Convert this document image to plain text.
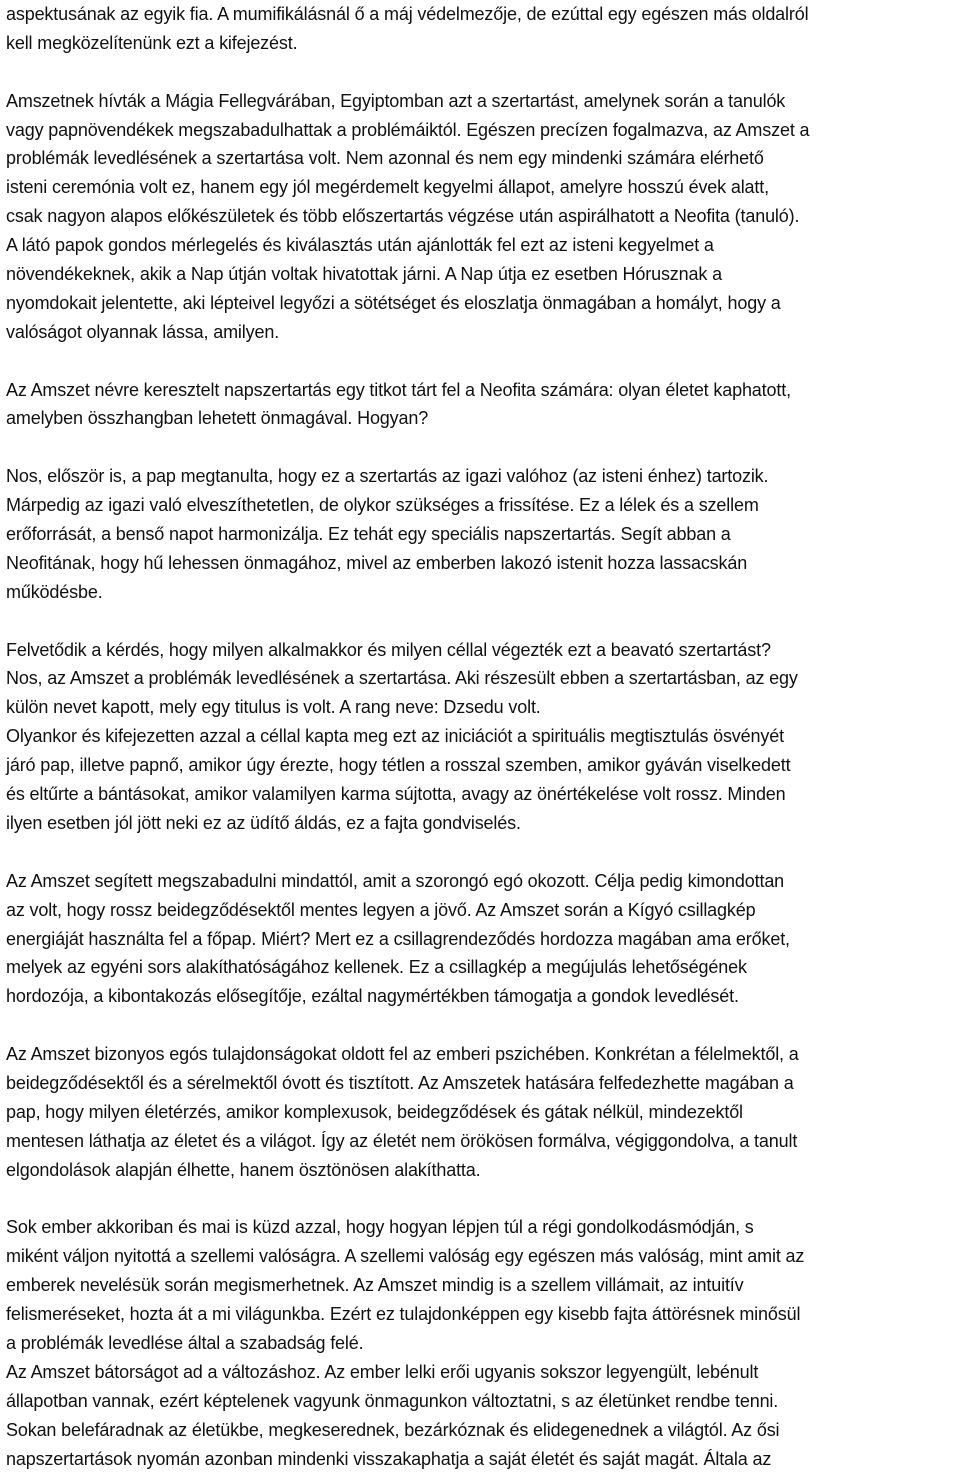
aspektusának az egyik fia. A mumifikálásnál ő a máj védelmezője, de ezúttal egy egészen más oldalról
kell megközelítenünk ezt a kifejezést.
Amszetnek hívták a Mágia Fellegvárában, Egyiptomban azt a szertartást, amelynek során a tanulók
vagy papnövendékek megszabadulhattak a problémáiktól. Egészen precízen fogalmazva, az Amszet a
problémák levedlésének a szertartása volt. Nem azonnal és nem egy mindenki számára elérhető
isteni ceremónia volt ez, hanem egy jól megérdemelt kegyelmi állapot, amelyre hosszú évek alatt,
csak nagyon alapos előkészületek és több előszertartás végzése után aspirálhatott a Neofita (tanuló).
A látó papok gondos mérlegelés és kiválasztás után ajánlották fel ezt az isteni kegyelmet a
növendékeknek, akik a Nap útján voltak hivatottak járni. A Nap útja ez esetben Hórusznak a
nyomdokait jelentette, aki lépteivel legyőzi a sötétséget és eloszlatja önmagában a homályt, hogy a
valóságot olyannak lássa, amilyen.
Az Amszet névre keresztelt napszertartás egy titkot tárt fel a Neofita számára: olyan életet kaphatott,
amelyben összhangban lehetett önmagával. Hogyan?
Nos, először is, a pap megtanulta, hogy ez a szertartás az igazi valóhoz (az isteni énhez) tartozik.
Márpedig az igazi való elveszíthetetlen, de olykor szükséges a frissítése. Ez a lélek és a szellem
erőforrását, a benső napot harmonizálja. Ez tehát egy speciális napszertartás. Segít abban a
Neofitának, hogy hű lehessen önmagához, mivel az emberben lakozó istenit hozza lassacskán
működésbe.
Felvetődik a kérdés, hogy milyen alkalmakkor és milyen céllal végezték ezt a beavató szertartást?
Nos, az Amszet a problémák levedlésének a szertartása. Aki részesült ebben a szertartásban, az egy
külön nevet kapott, mely egy titulus is volt. A rang neve: Dzsedu volt.
Olyankor és kifejezetten azzal a céllal kapta meg ezt az iniciációt a spirituális megtisztulás ösvényét
járó pap, illetve papnő, amikor úgy érezte, hogy tétlen a rosszal szemben, amikor gyáván viselkedett
és eltűrte a bántásokat, amikor valamilyen karma sújtotta, avagy az önértékelése volt rossz. Minden
ilyen esetben jól jött neki ez az üdítő áldás, ez a fajta gondviselés.
Az Amszet segített megszabadulni mindattól, amit a szorongó egó okozott. Célja pedig kimondottan
az volt, hogy rossz beidegződésektől mentes legyen a jövő. Az Amszet során a Kígyó csillagkép
energiáját használta fel a főpap. Miért? Mert ez a csillagrendeződés hordozza magában ama erőket,
melyek az egyéni sors alakíthatóságához kellenek. Ez a csillagkép a megújulás lehetőségének
hordozója, a kibontakozás elősegítője, ezáltal nagymértékben támogatja a gondok levedlését.
Az Amszet bizonyos egós tulajdonságokat oldott fel az emberi pszichében. Konkrétan a félelmektől, a
beidegződésektől és a sérelmektől óvott és tisztított. Az Amszetek hatására felfedezhette magában a
pap, hogy milyen életérzés, amikor komplexusok, beidegződések és gátak nélkül, mindezektől
mentesen láthatja az életet és a világot. Így az életét nem örökösen formálva, végiggondolva, a tanult
elgondolások alapján élhette, hanem ösztönösen alakíthatta.
Sok ember akkoriban és mai is küzd azzal, hogy hogyan lépjen túl a régi gondolkodásmódján, s
miként váljon nyitottá a szellemi valóságra. A szellemi valóság egy egészen más valóság, mint amit az
emberek nevelésük során megismerhetnek. Az Amszet mindig is a szellem villámait, az intuitív
felismeréseket, hozta át a mi világunkba. Ezért ez tulajdonképpen egy kisebb fajta áttörésnek minősül
a problémák levedlése által a szabadság felé.
Az Amszet bátorságot ad a változáshoz. Az ember lelki erői ugyanis sokszor legyengült, lebénult
állapotban vannak, ezért képtelenek vagyunk önmagunkon változtatni, s az életünket rendbe tenni.
Sokan belefáradnak az életükbe, megkeserednek, bezárkóznak és elidegenednek a világtól. Az ősi
napszertartások nyomán azonban mindenki visszakaphatja a saját életét és saját magát. Általa az
